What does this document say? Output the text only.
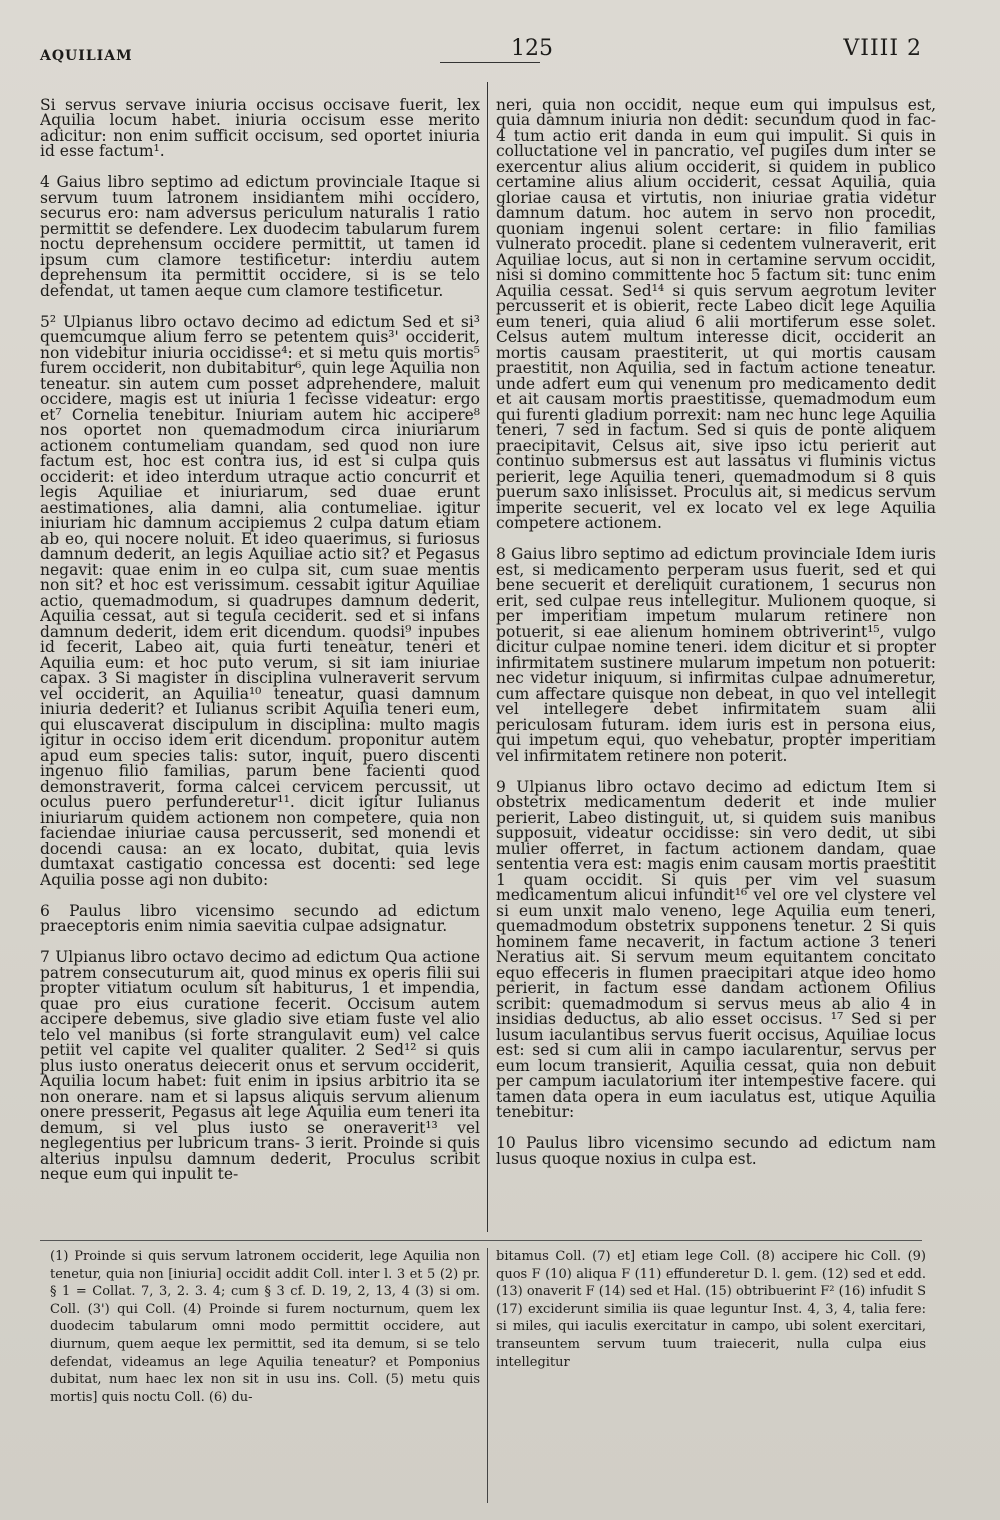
AQUILIAM	125	VIIII 2

Si servus servave iniuria occisus occisave fuerit, lex Aquilia locum habet. iniuria occisum esse merito adicitur: non enim sufficit occisum, sed oportet iniuria id esse factum¹.

4 Gaius libro septimo ad edictum provinciale Itaque si servum tuum latronem insidiantem mihi occidero, securus ero: nam adversus periculum naturalis 1 ratio permittit se defendere. Lex duodecim tabularum furem noctu deprehensum occidere permittit, ut tamen id ipsum cum clamore testificetur: interdiu autem deprehensum ita permittit occidere, si is se telo defendat, ut tamen aeque cum clamore testificetur.

5² Ulpianus libro octavo decimo ad edictum Sed et si³ quemcumque alium ferro se petentem quis³' occiderit, non videbitur iniuria occidisse⁴: et si metu quis mortis⁵ furem occiderit, non dubitabitur⁶, quin lege Aquilia non teneatur. sin autem cum posset adprehendere, maluit occidere, magis est ut iniuria 1 fecisse videatur: ergo et⁷ Cornelia tenebitur. Iniuriam autem hic accipere⁸ nos oportet non quemadmodum circa iniuriarum actionem contumeliam quandam, sed quod non iure factum est, hoc est contra ius, id est si culpa quis occiderit: et ideo interdum utraque actio concurrit et legis Aquiliae et iniuriarum, sed duae erunt aestimationes, alia damni, alia contumeliae. igitur iniuriam hic damnum accipiemus 2 culpa datum etiam ab eo, qui nocere noluit. Et ideo quaerimus, si furiosus damnum dederit, an legis Aquiliae actio sit? et Pegasus negavit: quae enim in eo culpa sit, cum suae mentis non sit? et hoc est verissimum. cessabit igitur Aquiliae actio, quemadmodum, si quadrupes damnum dederit, Aquilia cessat, aut si tegula ceciderit. sed et si infans damnum dederit, idem erit dicendum. quodsi⁹ inpubes id fecerit, Labeo ait, quia furti teneatur, teneri et Aquilia eum: et hoc puto verum, si sit iam iniuriae capax. 3 Si magister in disciplina vulneraverit servum vel occiderit, an Aquilia¹⁰ teneatur, quasi damnum iniuria dederit? et Iulianus scribit Aquilia teneri eum, qui eluscaverat discipulum in disciplina: multo magis igitur in occiso idem erit dicendum. proponitur autem apud eum species talis: sutor, inquit, puero discenti ingenuo filio familias, parum bene facienti quod demonstraverit, forma calcei cervicem percussit, ut oculus puero perfunderetur¹¹. dicit igitur Iulianus iniuriarum quidem actionem non competere, quia non faciendae iniuriae causa percusserit, sed monendi et docendi causa: an ex locato, dubitat, quia levis dumtaxat castigatio concessa est docenti: sed lege Aquilia posse agi non dubito:

6 Paulus libro vicensimo secundo ad edictum praeceptoris enim nimia saevitia culpae adsignatur.

7 Ulpianus libro octavo decimo ad edictum Qua actione patrem consecuturum ait, quod minus ex operis filii sui propter vitiatum oculum sit habiturus, 1 et impendia, quae pro eius curatione fecerit. Occisum autem accipere debemus, sive gladio sive etiam fuste vel alio telo vel manibus (si forte strangulavit eum) vel calce petiit vel capite vel qualiter qualiter. 2 Sed¹² si quis plus iusto oneratus deiecerit onus et servum occiderit, Aquilia locum habet: fuit enim in ipsius arbitrio ita se non onerare. nam et si lapsus aliquis servum alienum onere presserit, Pegasus ait lege Aquilia eum teneri ita demum, si vel plus iusto se oneraverit¹³ vel neglegentius per lubricum trans- 3 ierit. Proinde si quis alterius inpulsu damnum dederit, Proculus scribit neque eum qui inpulit te-

neri, quia non occidit, neque eum qui impulsus est, quia damnum iniuria non dedit: secundum quod in fac- 4 tum actio erit danda in eum qui impulit. Si quis in colluctatione vel in pancratio, vel pugiles dum inter se exercentur alius alium occiderit, si quidem in publico certamine alius alium occiderit, cessat Aquilia, quia gloriae causa et virtutis, non iniuriae gratia videtur damnum datum. hoc autem in servo non procedit, quoniam ingenui solent certare: in filio familias vulnerato procedit. plane si cedentem vulneraverit, erit Aquiliae locus, aut si non in certamine servum occidit, nisi si domino committente hoc 5 factum sit: tunc enim Aquilia cessat. Sed¹⁴ si quis servum aegrotum leviter percusserit et is obierit, recte Labeo dicit lege Aquilia eum teneri, quia aliud 6 alii mortiferum esse solet. Celsus autem multum interesse dicit, occiderit an mortis causam praestiterit, ut qui mortis causam praestitit, non Aquilia, sed in factum actione teneatur. unde adfert eum qui venenum pro medicamento dedit et ait causam mortis praestitisse, quemadmodum eum qui furenti gladium porrexit: nam nec hunc lege Aquilia teneri, 7 sed in factum. Sed si quis de ponte aliquem praecipitavit, Celsus ait, sive ipso ictu perierit aut continuo submersus est aut lassatus vi fluminis victus perierit, lege Aquilia teneri, quemadmodum si 8 quis puerum saxo inlisisset. Proculus ait, si medicus servum imperite secuerit, vel ex locato vel ex lege Aquilia competere actionem.

8 Gaius libro septimo ad edictum provinciale Idem iuris est, si medicamento perperam usus fuerit, sed et qui bene secuerit et dereliquit curationem, 1 securus non erit, sed culpae reus intellegitur. Mulionem quoque, si per imperitiam impetum mularum retinere non potuerit, si eae alienum hominem obtriverint¹⁵, vulgo dicitur culpae nomine teneri. idem dicitur et si propter infirmitatem sustinere mularum impetum non potuerit: nec videtur iniquum, si infirmitas culpae adnumeretur, cum affectare quisque non debeat, in quo vel intellegit vel intellegere debet infirmitatem suam alii periculosam futuram. idem iuris est in persona eius, qui impetum equi, quo vehebatur, propter imperitiam vel infirmitatem retinere non poterit.

9 Ulpianus libro octavo decimo ad edictum Item si obstetrix medicamentum dederit et inde mulier perierit, Labeo distinguit, ut, si quidem suis manibus supposuit, videatur occidisse: sin vero dedit, ut sibi mulier offerret, in factum actionem dandam, quae sententia vera est: magis enim causam mortis praestitit 1 quam occidit. Si quis per vim vel suasum medicamentum alicui infundit¹⁶ vel ore vel clystere vel si eum unxit malo veneno, lege Aquilia eum teneri, quemadmodum obstetrix supponens tenetur. 2 Si quis hominem fame necaverit, in factum actione 3 teneri Neratius ait. Si servum meum equitantem concitato equo effeceris in flumen praecipitari atque ideo homo perierit, in factum esse dandam actionem Ofilius scribit: quemadmodum si servus meus ab alio 4 in insidias deductus, ab alio esset occisus. ¹⁷ Sed si per lusum iaculantibus servus fuerit occisus, Aquiliae locus est: sed si cum alii in campo iacularentur, servus per eum locum transierit, Aquilia cessat, quia non debuit per campum iaculatorium iter intempestive facere. qui tamen data opera in eum iaculatus est, utique Aquilia tenebitur:

10 Paulus libro vicensimo secundo ad edictum nam lusus quoque noxius in culpa est.

(1) Proinde si quis servum latronem occiderit, lege Aquilia non tenetur, quia non [iniuria] occidit addit Coll. inter l. 3 et 5 (2) pr. § 1 = Collat. 7, 3, 2. 3. 4; cum § 3 cf. D. 19, 2, 13, 4 (3) si om. Coll. (3') qui Coll. (4) Proinde si furem nocturnum, quem lex duodecim tabularum omni modo permittit occidere, aut diurnum, quem aeque lex permittit, sed ita demum, si se telo defendat, videamus an lege Aquilia teneatur? et Pomponius dubitat, num haec lex non sit in usu ins. Coll. (5) metu quis mortis] quis noctu Coll. (6) du-
bitamus Coll. (7) et] etiam lege Coll. (8) accipere hic Coll. (9) quos F (10) aliqua F (11) effunderetur D. l. gem. (12) sed et edd. (13) onaverit F (14) sed et Hal. (15) obtribuerint F² (16) infudit S (17) exciderunt similia iis quae leguntur Inst. 4, 3, 4, talia fere: si miles, qui iaculis exercitatur in campo, ubi solent exercitari, transeuntem servum tuum traiecerit, nulla culpa eius intellegitur
